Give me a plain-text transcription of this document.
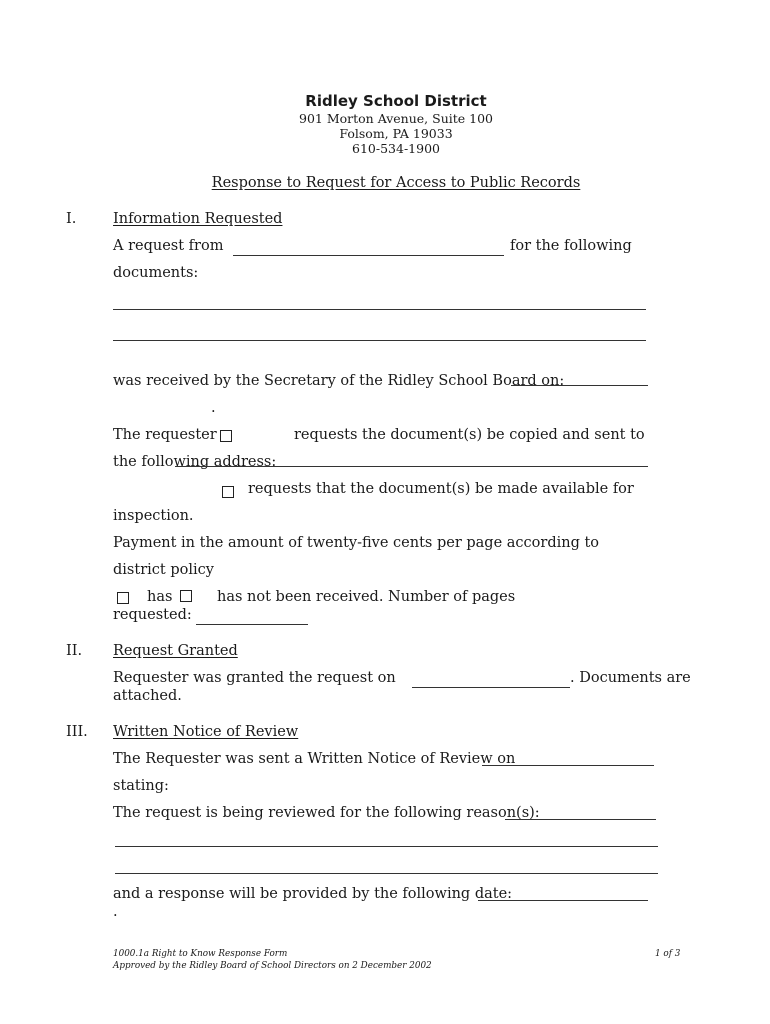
Ridley School District
901 Morton Avenue, Suite 100
Folsom, PA 19033
610-534-1900
Response to Request for Access to Public Records
I.	Information Requested
A request from	for the following
documents:
was received by the Secretary of the Ridley School Board on:
.
The requester	requests the document(s) be copied and sent to
the following address:
requests that the document(s) be made available for
inspection.
Payment in the amount of twenty-five cents per page according to
district policy
has	has not been received. Number of pages
requested:
II. Request Granted
Requester was granted the request on	. Documents are
attached.
III. Written Notice of Review
The Requester was sent a Written Notice of Review on
stating:
The request is being reviewed for the following reason(s):
and a response will be provided by the following date:
.
1000.1a Right to Know Response Form
Approved by the Ridley Board of School Directors on 2 December 2002
1 of 3
